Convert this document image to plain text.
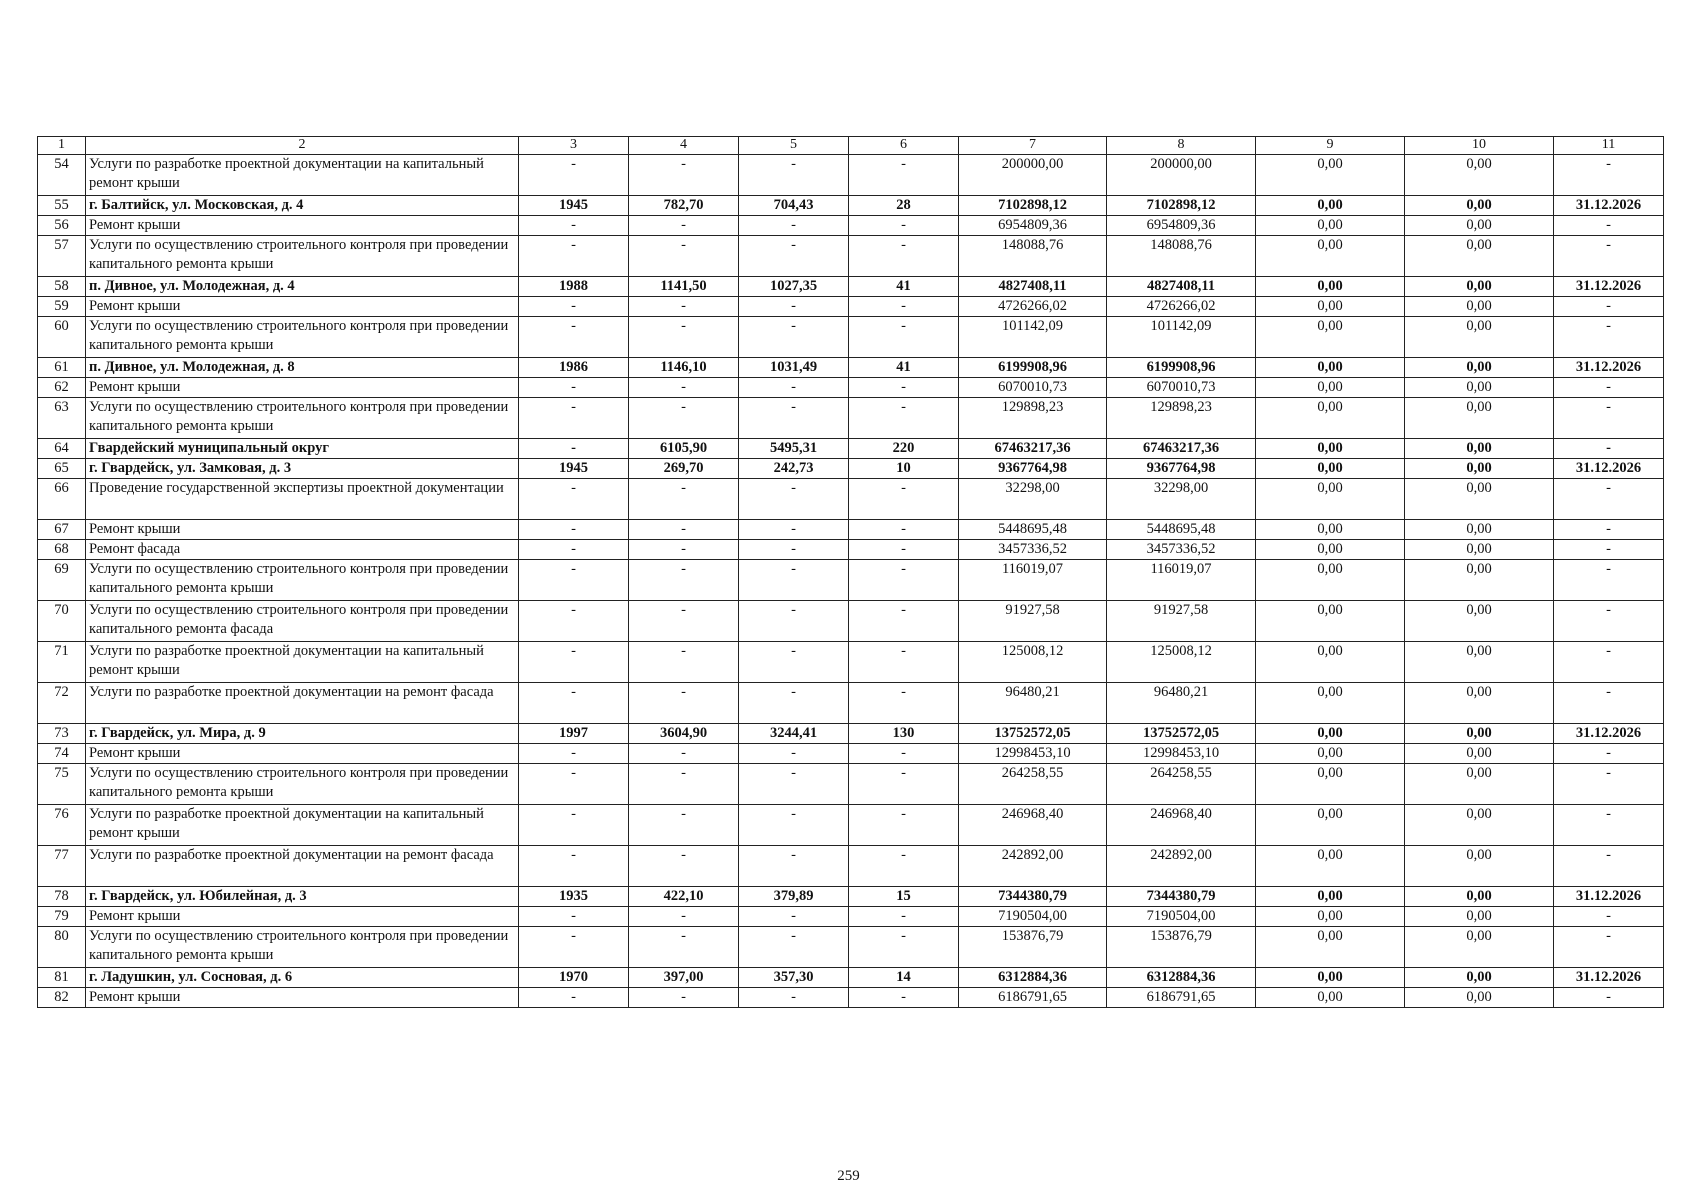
1	2	3	4	5	6	7	8	9	10	11
54	Услуги по разработке проектной документации на капитальный ремонт крыши	-	-	-	-	200000,00	200000,00	0,00	0,00	-
55	г. Балтийск, ул. Московская, д. 4	1945	782,70	704,43	28	7102898,12	7102898,12	0,00	0,00	31.12.2026
56	Ремонт крыши	-	-	-	-	6954809,36	6954809,36	0,00	0,00	-
57	Услуги по осуществлению строительного контроля при проведении капитального ремонта крыши	-	-	-	-	148088,76	148088,76	0,00	0,00	-
58	п. Дивное, ул. Молодежная, д. 4	1988	1141,50	1027,35	41	4827408,11	4827408,11	0,00	0,00	31.12.2026
59	Ремонт крыши	-	-	-	-	4726266,02	4726266,02	0,00	0,00	-
60	Услуги по осуществлению строительного контроля при проведении капитального ремонта крыши	-	-	-	-	101142,09	101142,09	0,00	0,00	-
61	п. Дивное, ул. Молодежная, д. 8	1986	1146,10	1031,49	41	6199908,96	6199908,96	0,00	0,00	31.12.2026
62	Ремонт крыши	-	-	-	-	6070010,73	6070010,73	0,00	0,00	-
63	Услуги по осуществлению строительного контроля при проведении капитального ремонта крыши	-	-	-	-	129898,23	129898,23	0,00	0,00	-
64	Гвардейский муниципальный округ	-	6105,90	5495,31	220	67463217,36	67463217,36	0,00	0,00	-
65	г. Гвардейск, ул. Замковая, д. 3	1945	269,70	242,73	10	9367764,98	9367764,98	0,00	0,00	31.12.2026
66	Проведение государственной экспертизы проектной документации	-	-	-	-	32298,00	32298,00	0,00	0,00	-
67	Ремонт крыши	-	-	-	-	5448695,48	5448695,48	0,00	0,00	-
68	Ремонт фасада	-	-	-	-	3457336,52	3457336,52	0,00	0,00	-
69	Услуги по осуществлению строительного контроля при проведении капитального ремонта крыши	-	-	-	-	116019,07	116019,07	0,00	0,00	-
70	Услуги по осуществлению строительного контроля при проведении капитального ремонта фасада	-	-	-	-	91927,58	91927,58	0,00	0,00	-
71	Услуги по разработке проектной документации на капитальный ремонт крыши	-	-	-	-	125008,12	125008,12	0,00	0,00	-
72	Услуги по разработке проектной документации на ремонт фасада	-	-	-	-	96480,21	96480,21	0,00	0,00	-
73	г. Гвардейск, ул. Мира, д. 9	1997	3604,90	3244,41	130	13752572,05	13752572,05	0,00	0,00	31.12.2026
74	Ремонт крыши	-	-	-	-	12998453,10	12998453,10	0,00	0,00	-
75	Услуги по осуществлению строительного контроля при проведении капитального ремонта крыши	-	-	-	-	264258,55	264258,55	0,00	0,00	-
76	Услуги по разработке проектной документации на капитальный ремонт крыши	-	-	-	-	246968,40	246968,40	0,00	0,00	-
77	Услуги по разработке проектной документации на ремонт фасада	-	-	-	-	242892,00	242892,00	0,00	0,00	-
78	г. Гвардейск, ул. Юбилейная, д. 3	1935	422,10	379,89	15	7344380,79	7344380,79	0,00	0,00	31.12.2026
79	Ремонт крыши	-	-	-	-	7190504,00	7190504,00	0,00	0,00	-
80	Услуги по осуществлению строительного контроля при проведении капитального ремонта крыши	-	-	-	-	153876,79	153876,79	0,00	0,00	-
81	г. Ладушкин, ул. Сосновая, д. 6	1970	397,00	357,30	14	6312884,36	6312884,36	0,00	0,00	31.12.2026
82	Ремонт крыши	-	-	-	-	6186791,65	6186791,65	0,00	0,00	-
259
